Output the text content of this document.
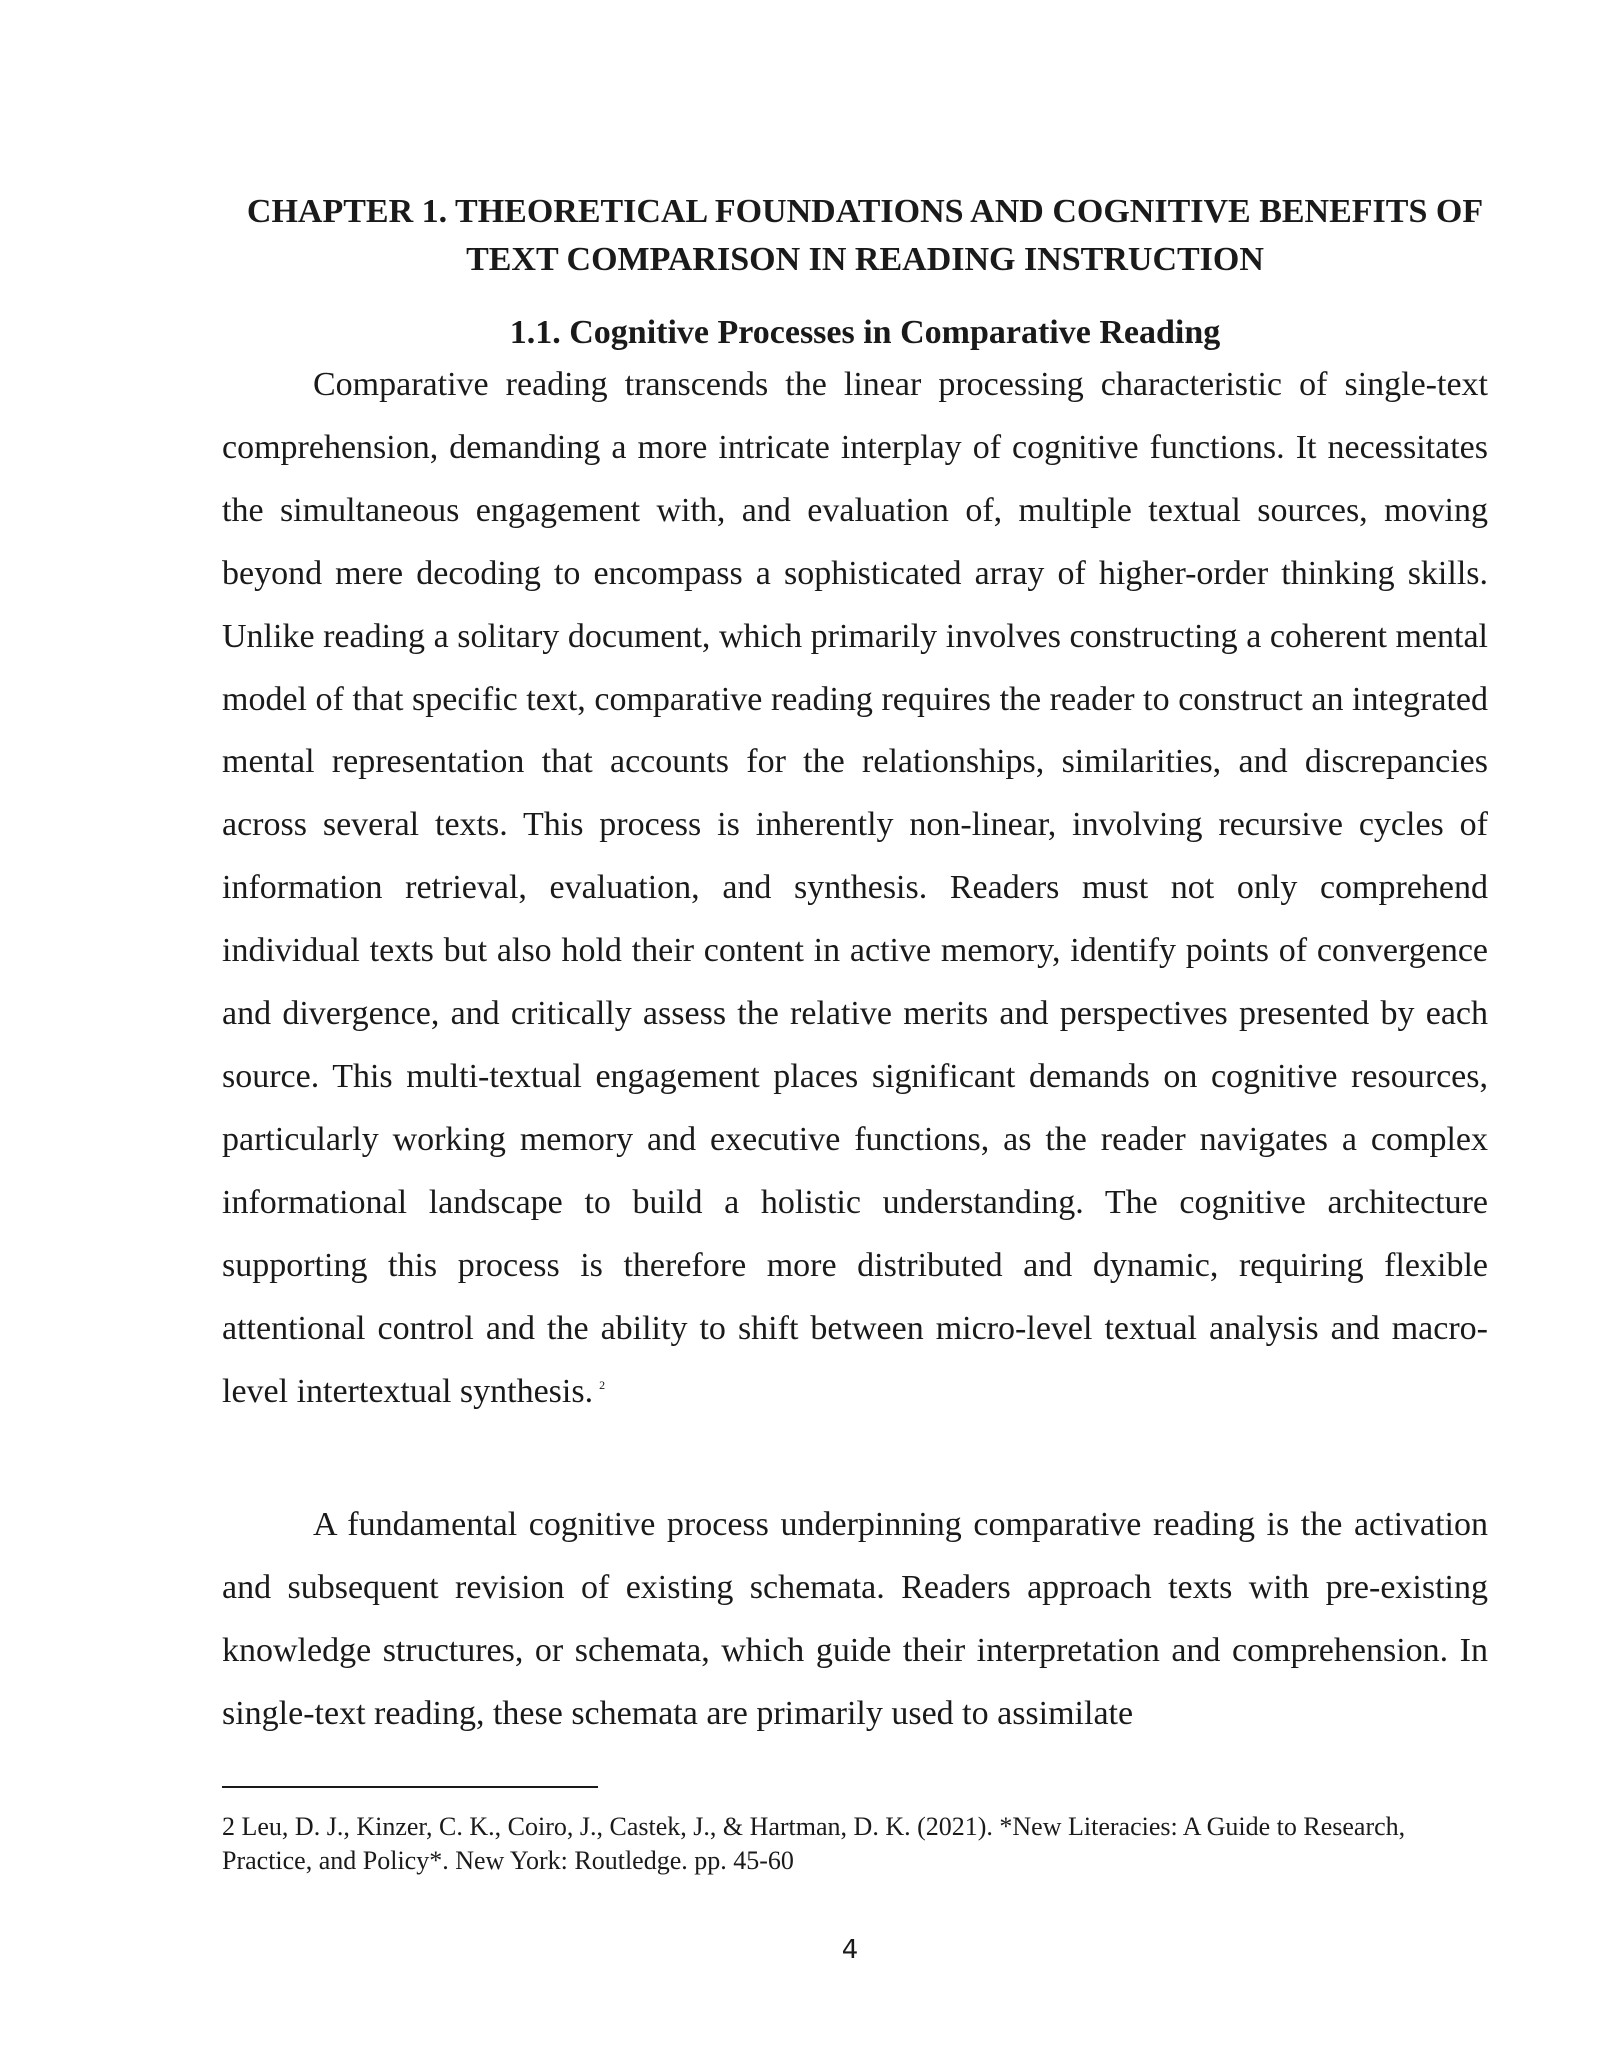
CHAPTER 1. THEORETICAL FOUNDATIONS AND COGNITIVE BENEFITS OF TEXT COMPARISON IN READING INSTRUCTION
1.1. Cognitive Processes in Comparative Reading

Comparative reading transcends the linear processing characteristic of single-text comprehension, demanding a more intricate interplay of cognitive functions. It necessitates the simultaneous engagement with, and evaluation of, multiple textual sources, moving beyond mere decoding to encompass a sophisticated array of higher-order thinking skills. Unlike reading a solitary document, which primarily involves constructing a coherent mental model of that specific text, comparative reading requires the reader to construct an integrated mental representation that accounts for the relationships, similarities, and discrepancies across several texts. This process is inherently non-linear, involving recursive cycles of information retrieval, evaluation, and synthesis. Readers must not only comprehend individual texts but also hold their content in active memory, identify points of convergence and divergence, and critically assess the relative merits and perspectives presented by each source. This multi-textual engagement places significant demands on cognitive resources, particularly working memory and executive functions, as the reader navigates a complex informational landscape to build a holistic understanding. The cognitive architecture supporting this process is therefore more distributed and dynamic, requiring flexible attentional control and the ability to shift between micro-level textual analysis and macro-level intertextual synthesis. $^2$

A fundamental cognitive process underpinning comparative reading is the activation and subsequent revision of existing schemata. Readers approach texts with pre-existing knowledge structures, or schemata, which guide their interpretation and comprehension. In single-text reading, these schemata are primarily used to assimilate

2 Leu, D. J., Kinzer, C. K., Coiro, J., Castek, J., & Hartman, D. K. (2021). *New Literacies: A Guide to Research, Practice, and Policy*. New York: Routledge. pp. 45-60

4
